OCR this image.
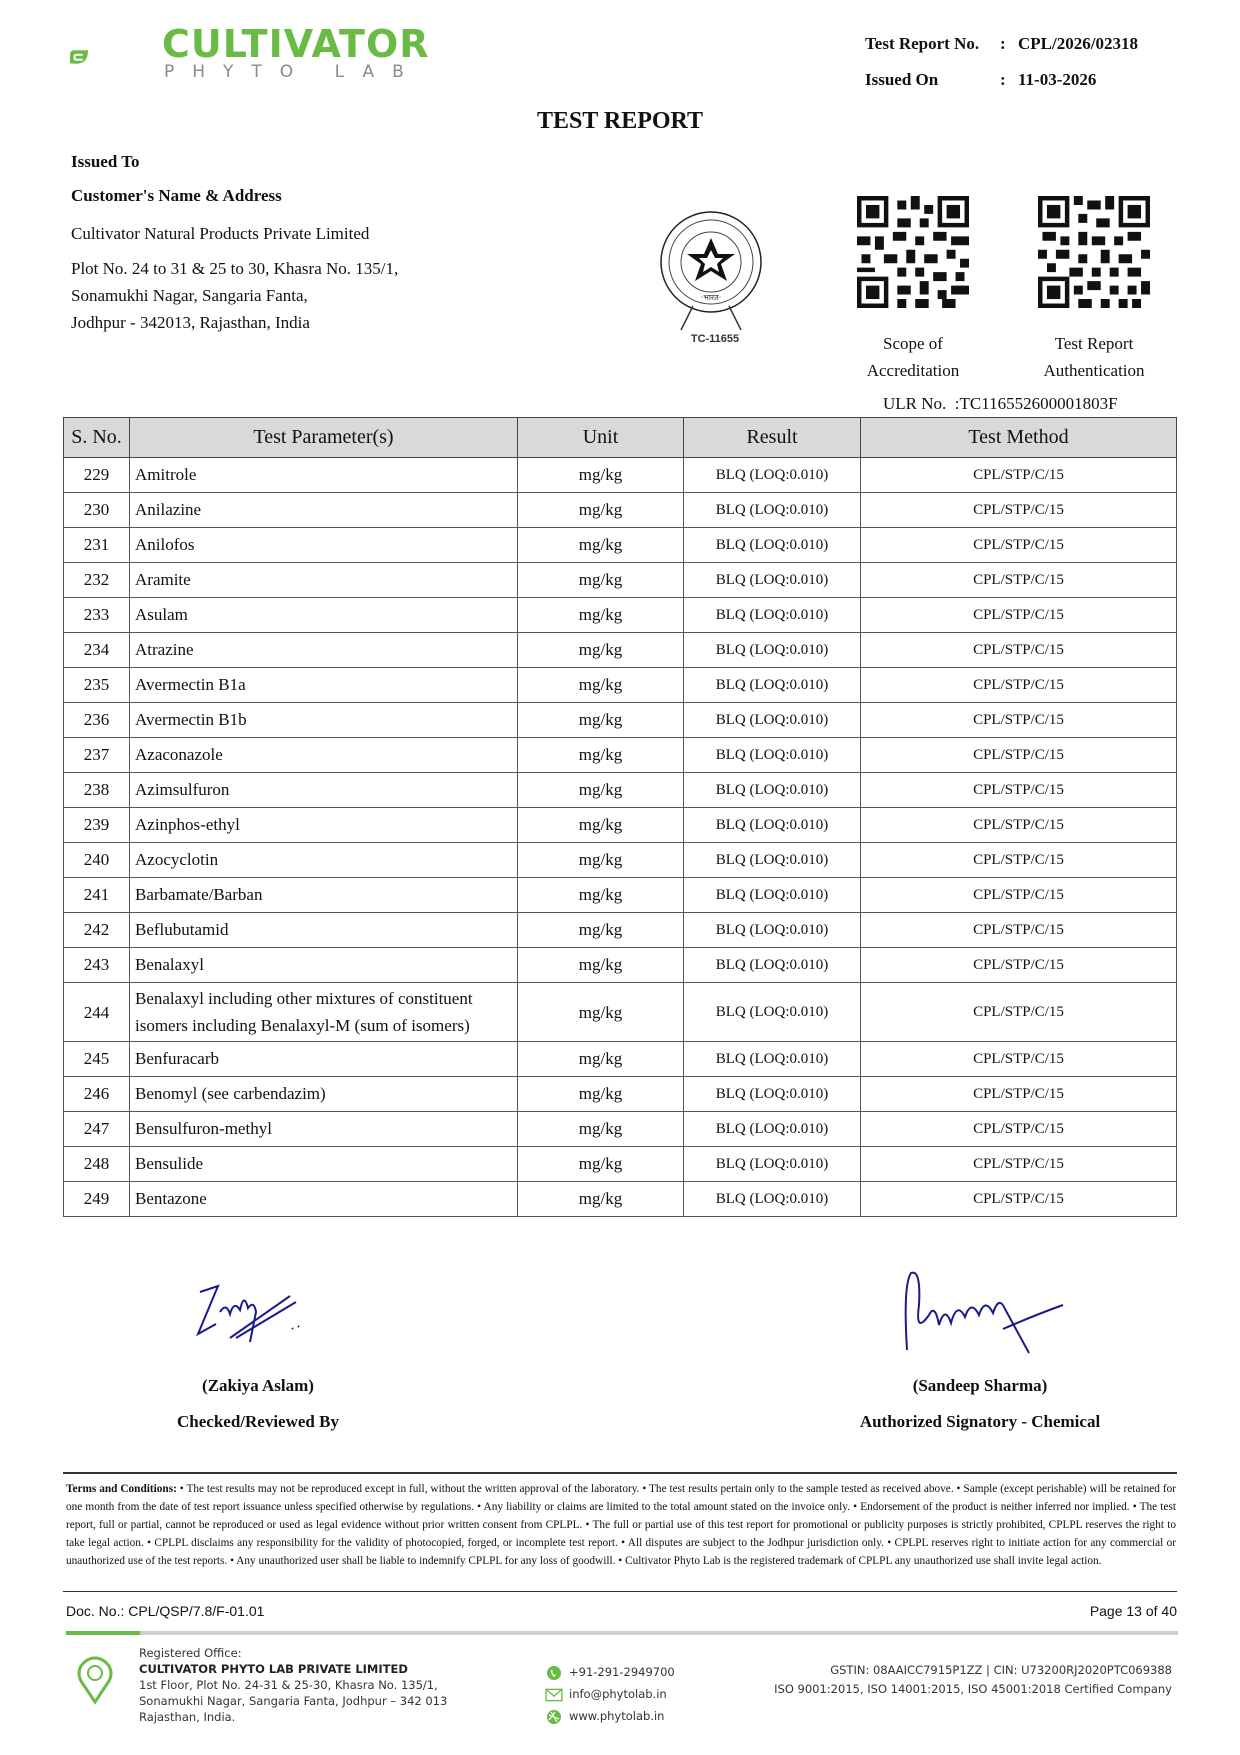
CULTIVATOR
PHYTO LAB
Test Report No. : CPL/2026/02318
Issued On	: 11-03-2026
TEST REPORT
Issued To
Customer's Name & Address
Cultivator Natural Products Private Limited
Plot No. 24 to 31 & 25 to 30, Khasra No. 135/1,
Sonamukhi Nagar, Sangaria Fanta,
Jodhpur - 342013, Rajasthan, India
·भारत·
TC-11655	Scope of
Accreditation
Test Report
Authentication
ULR No. :TC116552600001803F
S. No.	Test Parameter(s)	Unit	Result	Test Method
229	Amitrole	mg/kg	BLQ (LOQ:0.010)	CPL/STP/C/15
230	Anilazine	mg/kg	BLQ (LOQ:0.010)	CPL/STP/C/15
231	Anilofos	mg/kg	BLQ (LOQ:0.010)	CPL/STP/C/15
232	Aramite	mg/kg	BLQ (LOQ:0.010)	CPL/STP/C/15
233	Asulam	mg/kg	BLQ (LOQ:0.010)	CPL/STP/C/15
234	Atrazine	mg/kg	BLQ (LOQ:0.010)	CPL/STP/C/15
235	Avermectin B1a	mg/kg	BLQ (LOQ:0.010)	CPL/STP/C/15
236	Avermectin B1b	mg/kg	BLQ (LOQ:0.010)	CPL/STP/C/15
237	Azaconazole	mg/kg	BLQ (LOQ:0.010)	CPL/STP/C/15
238	Azimsulfuron	mg/kg	BLQ (LOQ:0.010)	CPL/STP/C/15
239	Azinphos-ethyl	mg/kg	BLQ (LOQ:0.010)	CPL/STP/C/15
240	Azocyclotin	mg/kg	BLQ (LOQ:0.010)	CPL/STP/C/15
241	Barbamate/Barban	mg/kg	BLQ (LOQ:0.010)	CPL/STP/C/15
242	Beflubutamid	mg/kg	BLQ (LOQ:0.010)	CPL/STP/C/15
243	Benalaxyl	mg/kg	BLQ (LOQ:0.010)	CPL/STP/C/15
244	Benalaxyl including other mixtures of constituent isomers including Benalaxyl-M (sum of isomers)	mg/kg	BLQ (LOQ:0.010)	CPL/STP/C/15
245	Benfuracarb	mg/kg	BLQ (LOQ:0.010)	CPL/STP/C/15
246	Benomyl (see carbendazim)	mg/kg	BLQ (LOQ:0.010)	CPL/STP/C/15
247	Bensulfuron-methyl	mg/kg	BLQ (LOQ:0.010)	CPL/STP/C/15
248	Bensulide	mg/kg	BLQ (LOQ:0.010)	CPL/STP/C/15
249	Bentazone	mg/kg	BLQ (LOQ:0.010)	CPL/STP/C/15
(Zakiya Aslam)
Checked/Reviewed By
(Sandeep Sharma)
Authorized Signatory - Chemical
Terms and Conditions: • The test results may not be reproduced except in full, without the written approval of the laboratory. • The test results pertain only to the sample tested as received above. • Sample (except perishable) will be retained for one month from the date of test report issuance unless specified otherwise by regulations. • Any liability or claims are limited to the total amount stated on the invoice only. • Endorsement of the product is neither inferred nor implied. • The test report, full or partial, cannot be reproduced or used as legal evidence without prior written consent from CPLPL. • The full or partial use of this test report for promotional or publicity purposes is strictly prohibited, CPLPL reserves the right to take legal action. • CPLPL disclaims any responsibility for the validity of photocopied, forged, or incomplete test report. • All disputes are subject to the Jodhpur jurisdiction only. • CPLPL reserves right to initiate action for any commercial or unauthorized use of the test reports. • Any unauthorized user shall be liable to indemnify CPLPL for any loss of goodwill. • Cultivator Phyto Lab is the registered trademark of CPLPL any unauthorized use shall invite legal action.
Doc. No.: CPL/QSP/7.8/F-01.01	Page 13 of 40
Registered Office:
CULTIVATOR PHYTO LAB PRIVATE LIMITED
1st Floor, Plot No. 24-31 & 25-30, Khasra No. 135/1,
Sonamukhi Nagar, Sangaria Fanta, Jodhpur – 342 013
Rajasthan, India.
+91-291-2949700
info@phytolab.in
www.phytolab.in
GSTIN: 08AAICC7915P1ZZ | CIN: U73200RJ2020PTC069388
ISO 9001:2015, ISO 14001:2015, ISO 45001:2018 Certified Company
